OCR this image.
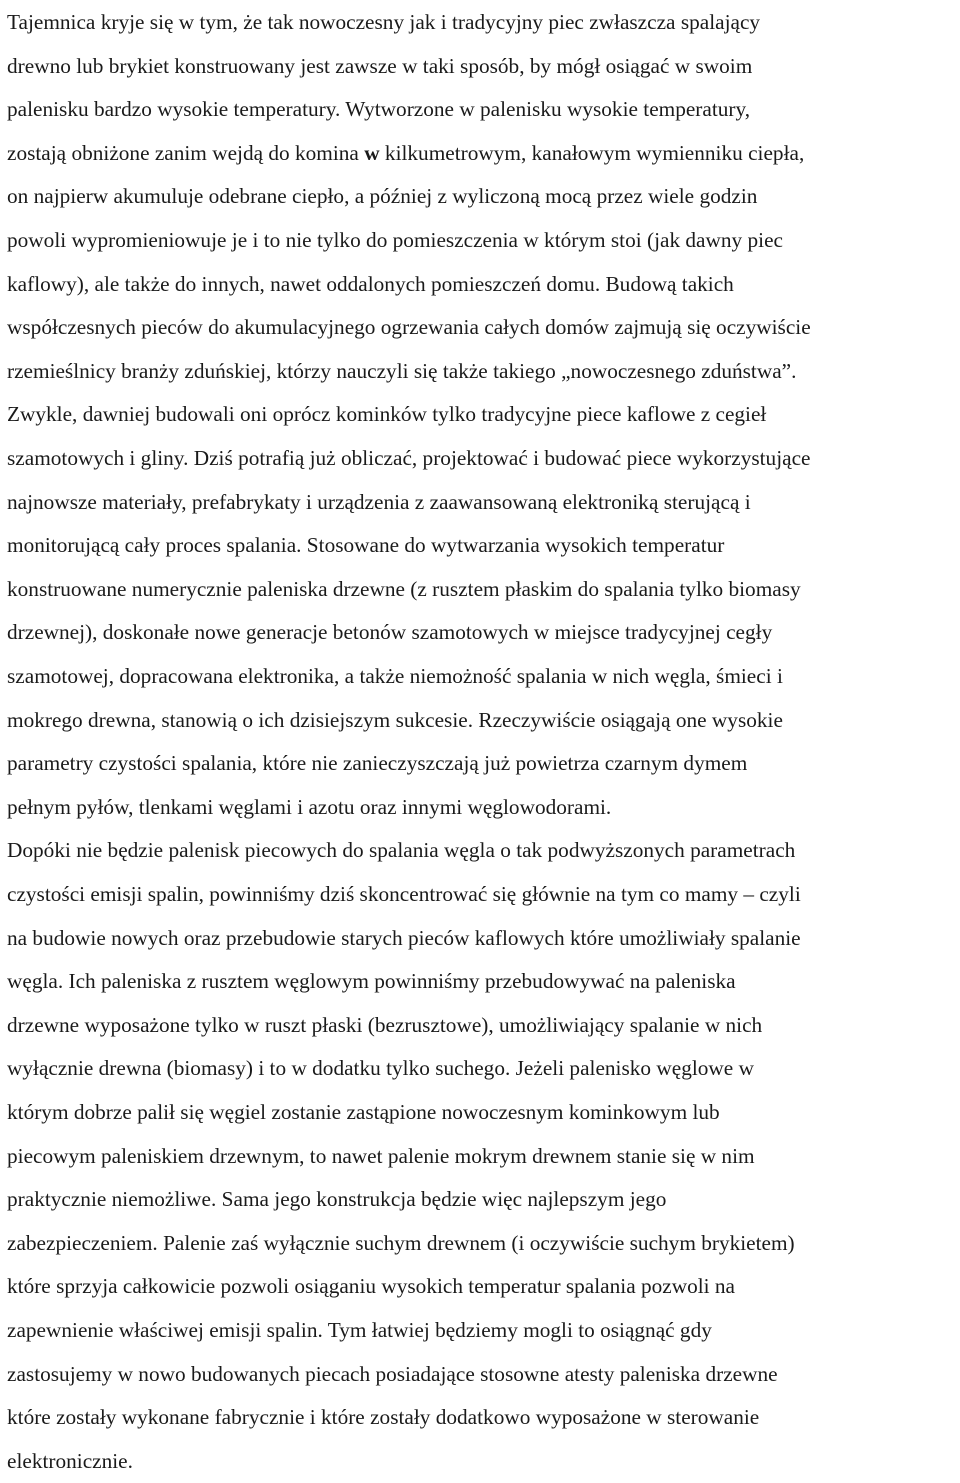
Tajemnica kryje się w tym, że tak nowoczesny jak i tradycyjny piec zwłaszcza spalający
drewno lub brykiet konstruowany jest zawsze w taki sposób, by mógł osiągać w swoim
palenisku bardzo wysokie temperatury. Wytworzone w palenisku wysokie temperatury,
zostają obniżone zanim wejdą do komina w kilkumetrowym, kanałowym wymienniku ciepła,
on najpierw akumuluje odebrane ciepło, a później z wyliczoną mocą przez wiele godzin
powoli wypromieniowuje je i to nie tylko do pomieszczenia w którym stoi (jak dawny piec
kaflowy), ale także do innych, nawet oddalonych pomieszczeń domu. Budową takich
współczesnych pieców do akumulacyjnego ogrzewania całych domów zajmują się oczywiście
rzemieślnicy branży zduńskiej, którzy nauczyli się także takiego „nowoczesnego zduństwa”.
Zwykle, dawniej budowali oni oprócz kominków tylko tradycyjne piece kaflowe z cegieł
szamotowych i gliny. Dziś potrafią już obliczać, projektować i budować piece wykorzystujące
najnowsze materiały, prefabrykaty i urządzenia z zaawansowaną elektroniką sterującą i
monitorującą cały proces spalania. Stosowane do wytwarzania wysokich temperatur
konstruowane numerycznie paleniska drzewne (z rusztem płaskim do spalania tylko biomasy
drzewnej), doskonałe nowe generacje betonów szamotowych w miejsce tradycyjnej cegły
szamotowej, dopracowana elektronika, a także niemożność spalania w nich węgla, śmieci i
mokrego drewna, stanowią o ich dzisiejszym sukcesie. Rzeczywiście osiągają one wysokie
parametry czystości spalania, które nie zanieczyszczają już powietrza czarnym dymem
pełnym pyłów, tlenkami węglami i azotu oraz innymi węglowodorami.
Dopóki nie będzie palenisk piecowych do spalania węgla o tak podwyższonych parametrach
czystości emisji spalin, powinniśmy dziś skoncentrować się głównie na tym co mamy – czyli
na budowie nowych oraz przebudowie starych pieców kaflowych które umożliwiały spalanie
węgla. Ich paleniska z rusztem węglowym powinniśmy przebudowywać na paleniska
drzewne wyposażone tylko w ruszt płaski (bezrusztowe), umożliwiający spalanie w nich
wyłącznie drewna (biomasy) i to w dodatku tylko suchego. Jeżeli palenisko węglowe w
którym dobrze palił się węgiel zostanie zastąpione nowoczesnym kominkowym lub
piecowym paleniskiem drzewnym, to nawet palenie mokrym drewnem stanie się w nim
praktycznie niemożliwe. Sama jego konstrukcja będzie więc najlepszym jego
zabezpieczeniem. Palenie zaś wyłącznie suchym drewnem (i oczywiście suchym brykietem)
które sprzyja całkowicie pozwoli osiąganiu wysokich temperatur spalania pozwoli na
zapewnienie właściwej emisji spalin. Tym łatwiej będziemy mogli to osiągnąć gdy
zastosujemy w nowo budowanych piecach posiadające stosowne atesty paleniska drzewne
które zostały wykonane fabrycznie i które zostały dodatkowo wyposażone w sterowanie
elektronicznie.
